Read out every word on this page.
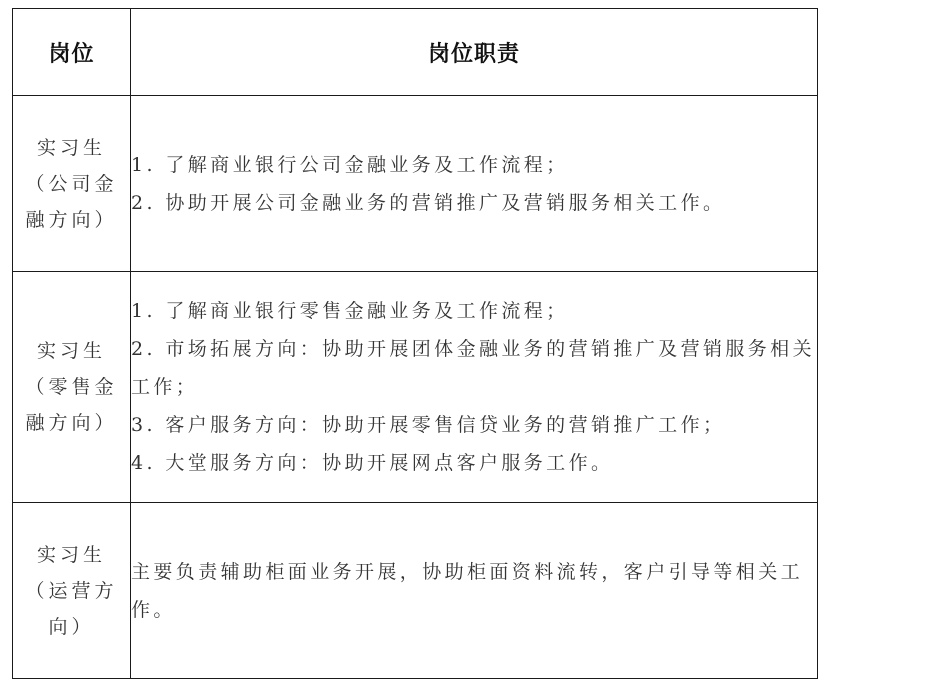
岗位	岗位职责

实习生
（公司金融方向）	1. 了解商业银行公司金融业务及工作流程；
2. 协助开展公司金融业务的营销推广及营销服务相关工作。

实习生
（零售金融方向）	1. 了解商业银行零售金融业务及工作流程；
2. 市场拓展方向：协助开展团体金融业务的营销推广及营销服务相关工作；
3. 客户服务方向：协助开展零售信贷业务的营销推广工作；
4. 大堂服务方向：协助开展网点客户服务工作。

实习生
（运营方向）	主要负责辅助柜面业务开展，协助柜面资料流转，客户引导等相关工作。
